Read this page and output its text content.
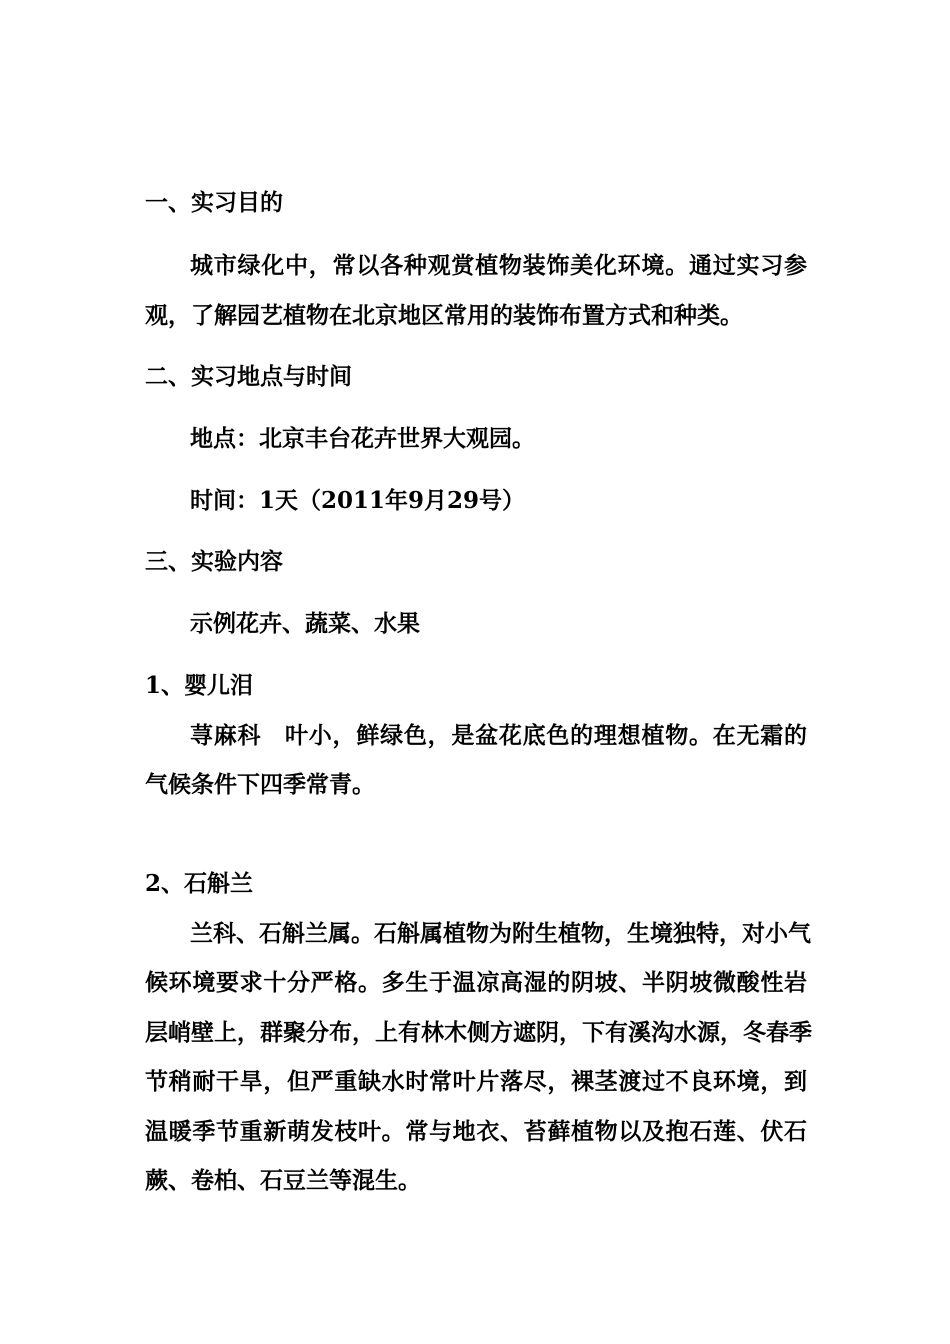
一、实习目的
城市绿化中，常以各种观赏植物装饰美化环境。通过实习参
观，了解园艺植物在北京地区常用的装饰布置方式和种类。
二、实习地点与时间
地点：北京丰台花卉世界大观园。
时间：1天（2011年9月29号）
三、实验内容
示例花卉、蔬菜、水果
1、婴儿泪
荨麻科　叶小，鲜绿色，是盆花底色的理想植物。在无霜的
气候条件下四季常青。
2、石斛兰
兰科、石斛兰属。石斛属植物为附生植物，生境独特，对小气
候环境要求十分严格。多生于温凉高湿的阴坡、半阴坡微酸性岩
层峭壁上，群聚分布，上有林木侧方遮阴，下有溪沟水源，冬春季
节稍耐干旱，但严重缺水时常叶片落尽，裸茎渡过不良环境，到
温暖季节重新萌发枝叶。常与地衣、苔藓植物以及抱石莲、伏石
蕨、卷柏、石豆兰等混生。
